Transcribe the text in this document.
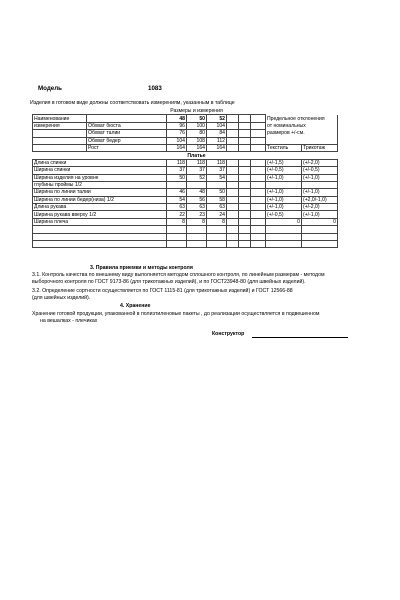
Модель	1083
Изделия в готовом виде должны соответствовать измерениям, указанным в таблице
		Размеры и измерения							
Наименование		48	50	52				Предельное отклонения	
измерения	Обхват бюста	96	100	104				от номинальных	
	Обхват талии	76	80	84				размеров +/-см.	
	Обхват бедер	104	108	112					
	Рост	164	164	164				Текстиль	Трикотаж
	Платье							
Длина спинки	118	118	118				(+/-1,5)	(+/-2,0)
Ширина спинки	37	37	37				(+/-0,5)	(+/-0,5)
Ширина изделия на уровне	50	52	54				(+/-1,0)	(+/-1,0)
глубины проймы 1/2								
Ширина по линии талии	46	48	50				(+/-1,0)	(+/-1,0)
Ширина по линии бедер(низа) 1/2	54	56	58				(+/-1,0)	(+2,0/-1,0)
Длина рукава	63	63	63				(+/-1,0)	(+/-2,0)
Ширина рукава вверху 1/2	22	23	24				(+/-0,5)	(+/-1,0)
Ширина плеча	8	8	8				0	0

3. Правила приемки и методы контроля
3.1. Контроль качества по внешнему виду выполняется методом сплошного контроля, по линейным размерам - методом
выборочного контроля по ГОСТ 9173-86 (для трикотажных изделий), и по ГОСТ23948-80 (для швейных изделий).
3.2. Определение сортности осуществляется по ГОСТ 1115-81 (для трикотажных изделий) и ГОСТ 12566-88
(для швейных изделий).
4. Хранение
Хранение готовой продукции, упакованной в полиэтиленовые пакеты , до реализации осуществляется в подвешенном
на вешалках - плечиках
Конструктор
